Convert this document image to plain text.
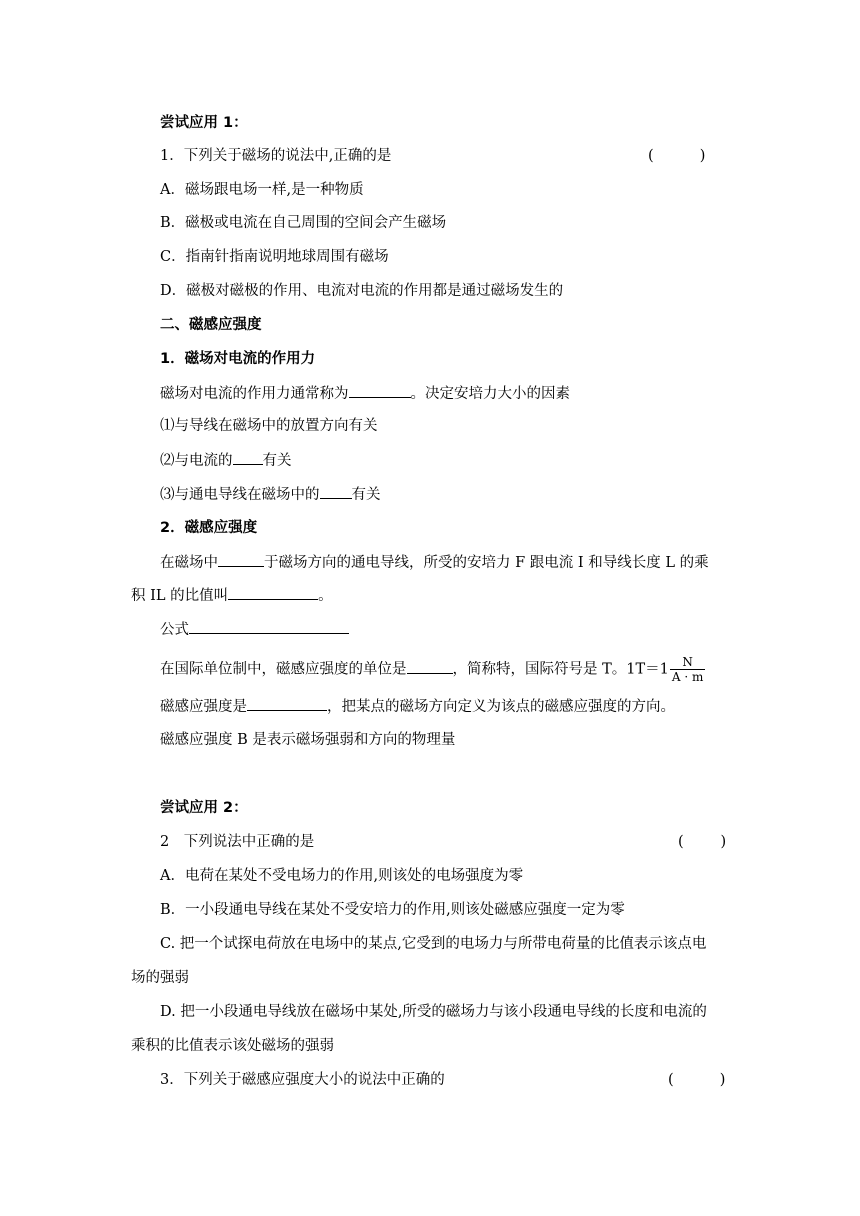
尝试应用 1：
1．下列关于磁场的说法中,正确的是	(          )
A．磁场跟电场一样,是一种物质
B．磁极或电流在自己周围的空间会产生磁场
C．指南针指南说明地球周围有磁场
D．磁极对磁极的作用、电流对电流的作用都是通过磁场发生的
二、磁感应强度
1．磁场对电流的作用力
磁场对电流的作用力通常称为	。决定安培力大小的因素
⑴与导线在磁场中的放置方向有关
⑵与电流的 有关
⑶与通电导线在磁场中的 有关
2．磁感应强度
在磁场中	于磁场方向的通电导线，所受的安培力 F 跟电流 I 和导线长度 L 的乘
积 IL 的比值叫	。
公式
在国际单位制中，磁感应强度的单位是	，简称特，国际符号是 T。$1T=1 \frac{N}{A \cdot m}$
磁感应强度是	，把某点的磁场方向定义为该点的磁感应强度的方向。
磁感应强度 B 是表示磁场强弱和方向的物理量
尝试应用 2：
2　下列说法中正确的是	(        )
A．电荷在某处不受电场力的作用,则该处的电场强度为零
B．一小段通电导线在某处不受安培力的作用,则该处磁感应强度一定为零
C. 把一个试探电荷放在电场中的某点,它受到的电场力与所带电荷量的比值表示该点电
场的强弱
D. 把一小段通电导线放在磁场中某处,所受的磁场力与该小段通电导线的长度和电流的
乘积的比值表示该处磁场的强弱
3．下列关于磁感应强度大小的说法中正确的	(          )
